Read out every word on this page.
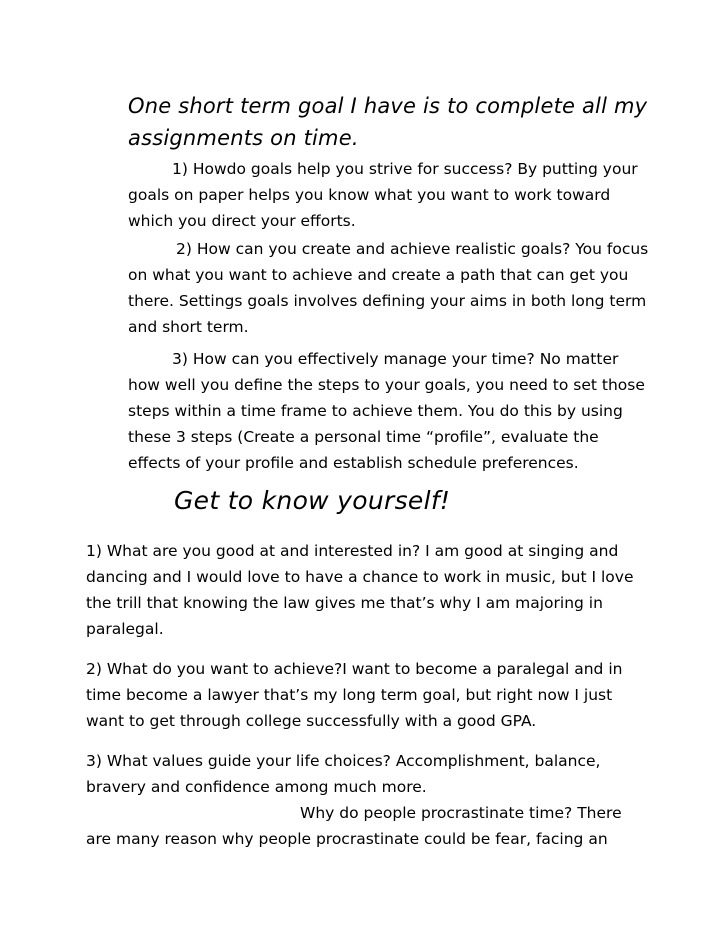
One short term goal I have is to complete all my
assignments on time.
1) Howdo goals help you strive for success? By putting your
goals on paper helps you know what you want to work toward
which you direct your efforts.
2) How can you create and achieve realistic goals? You focus
on what you want to achieve and create a path that can get you
there. Settings goals involves defining your aims in both long term
and short term.
3) How can you effectively manage your time? No matter
how well you define the steps to your goals, you need to set those
steps within a time frame to achieve them. You do this by using
these 3 steps (Create a personal time “profile”, evaluate the
effects of your profile and establish schedule preferences.
Get to know yourself!
1) What are you good at and interested in? I am good at singing and
dancing and I would love to have a chance to work in music, but I love
the trill that knowing the law gives me that’s why I am majoring in
paralegal.
2) What do you want to achieve?I want to become a paralegal and in
time become a lawyer that’s my long term goal, but right now I just
want to get through college successfully with a good GPA.
3) What values guide your life choices? Accomplishment, balance,
bravery and confidence among much more.
Why do people procrastinate time? There
are many reason why people procrastinate could be fear, facing an
